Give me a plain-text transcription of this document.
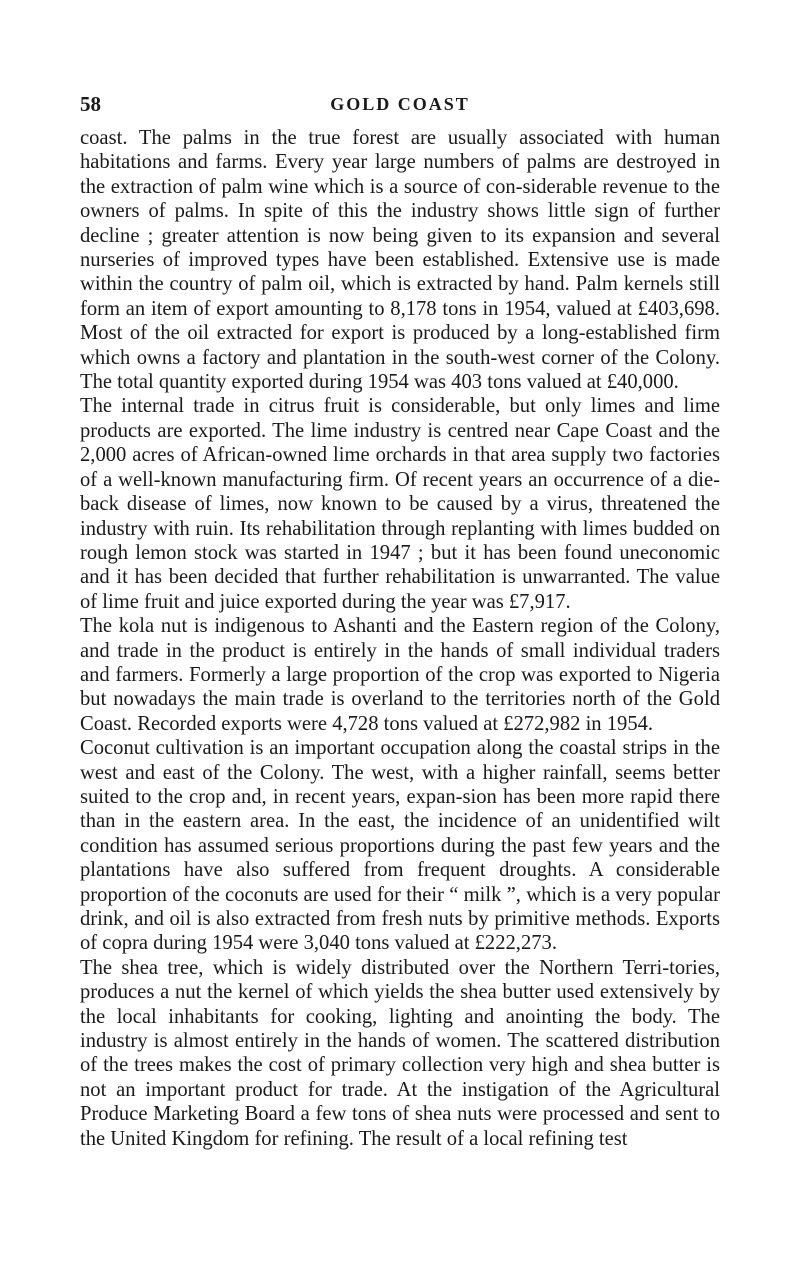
58	GOLD COAST

coast. The palms in the true forest are usually associated with human habitations and farms. Every year large numbers of palms are destroyed in the extraction of palm wine which is a source of con-siderable revenue to the owners of palms. In spite of this the industry shows little sign of further decline ; greater attention is now being given to its expansion and several nurseries of improved types have been established. Extensive use is made within the country of palm oil, which is extracted by hand. Palm kernels still form an item of export amounting to 8,178 tons in 1954, valued at £403,698. Most of the oil extracted for export is produced by a long-established firm which owns a factory and plantation in the south-west corner of the Colony. The total quantity exported during 1954 was 403 tons valued at £40,000.

The internal trade in citrus fruit is considerable, but only limes and lime products are exported. The lime industry is centred near Cape Coast and the 2,000 acres of African-owned lime orchards in that area supply two factories of a well-known manufacturing firm. Of recent years an occurrence of a die-back disease of limes, now known to be caused by a virus, threatened the industry with ruin. Its rehabilitation through replanting with limes budded on rough lemon stock was started in 1947 ; but it has been found uneconomic and it has been decided that further rehabilitation is unwarranted. The value of lime fruit and juice exported during the year was £7,917.

The kola nut is indigenous to Ashanti and the Eastern region of the Colony, and trade in the product is entirely in the hands of small individual traders and farmers. Formerly a large proportion of the crop was exported to Nigeria but nowadays the main trade is overland to the territories north of the Gold Coast. Recorded exports were 4,728 tons valued at £272,982 in 1954.

Coconut cultivation is an important occupation along the coastal strips in the west and east of the Colony. The west, with a higher rainfall, seems better suited to the crop and, in recent years, expan-sion has been more rapid there than in the eastern area. In the east, the incidence of an unidentified wilt condition has assumed serious proportions during the past few years and the plantations have also suffered from frequent droughts. A considerable proportion of the coconuts are used for their “ milk ”, which is a very popular drink, and oil is also extracted from fresh nuts by primitive methods. Exports of copra during 1954 were 3,040 tons valued at £222,273.

The shea tree, which is widely distributed over the Northern Terri-tories, produces a nut the kernel of which yields the shea butter used extensively by the local inhabitants for cooking, lighting and anointing the body. The industry is almost entirely in the hands of women. The scattered distribution of the trees makes the cost of primary collection very high and shea butter is not an important product for trade. At the instigation of the Agricultural Produce Marketing Board a few tons of shea nuts were processed and sent to the United Kingdom for refining. The result of a local refining test
